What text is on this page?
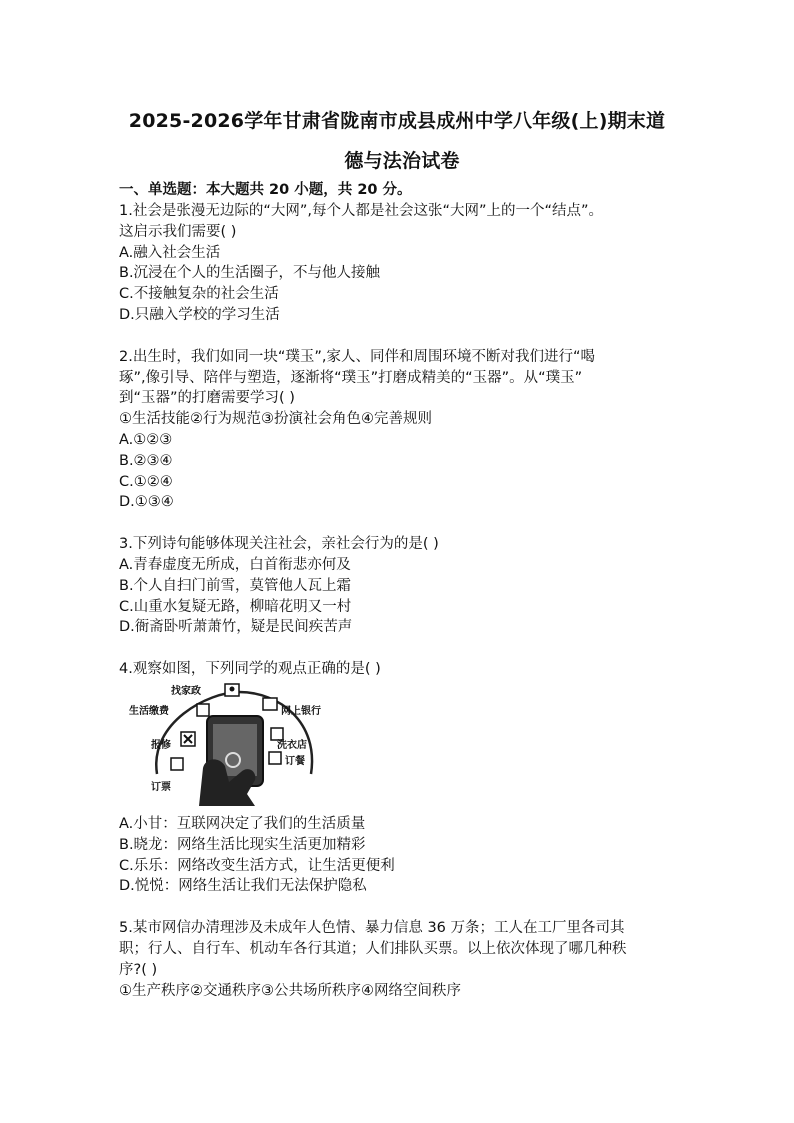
2025-2026学年甘肃省陇南市成县成州中学八年级(上)期末道
德与法治试卷
一、单选题：本大题共 20 小题，共 20 分。
1.社会是张漫无边际的“大网”,每个人都是社会这张“大网”上的一个“结点”。
这启示我们需要( )
A.融入社会生活
B.沉浸在个人的生活圈子，不与他人接触
C.不接触复杂的社会生活
D.只融入学校的学习生活
2.出生时，我们如同一块“璞玉”,家人、同伴和周围环境不断对我们进行“喝
琢”,像引导、陪伴与塑造，逐渐将“璞玉”打磨成精美的“玉器”。从“璞玉”
到“玉器”的打磨需要学习( )
①生活技能②行为规范③扮演社会角色④完善规则
A.①②③
B.②③④
C.①②④
D.①③④
3.下列诗句能够体现关注社会，亲社会行为的是( )
A.青春虚度无所成，白首衔悲亦何及
B.个人自扫门前雪，莫管他人瓦上霜
C.山重水复疑无路，柳暗花明又一村
D.衙斋卧听萧萧竹，疑是民间疾苦声
4.观察如图，下列同学的观点正确的是( )
找家政
生活缴费	网上银行
洗衣店
报修
订餐
订票
A.小甘：互联网决定了我们的生活质量
B.晓龙：网络生活比现实生活更加精彩
C.乐乐：网络改变生活方式，让生活更便利
D.悦悦：网络生活让我们无法保护隐私
5.某市网信办清理涉及未成年人色情、暴力信息 36 万条；工人在工厂里各司其
职；行人、自行车、机动车各行其道；人们排队买票。以上依次体现了哪几种秩
序?( )
①生产秩序②交通秩序③公共场所秩序④网络空间秩序
